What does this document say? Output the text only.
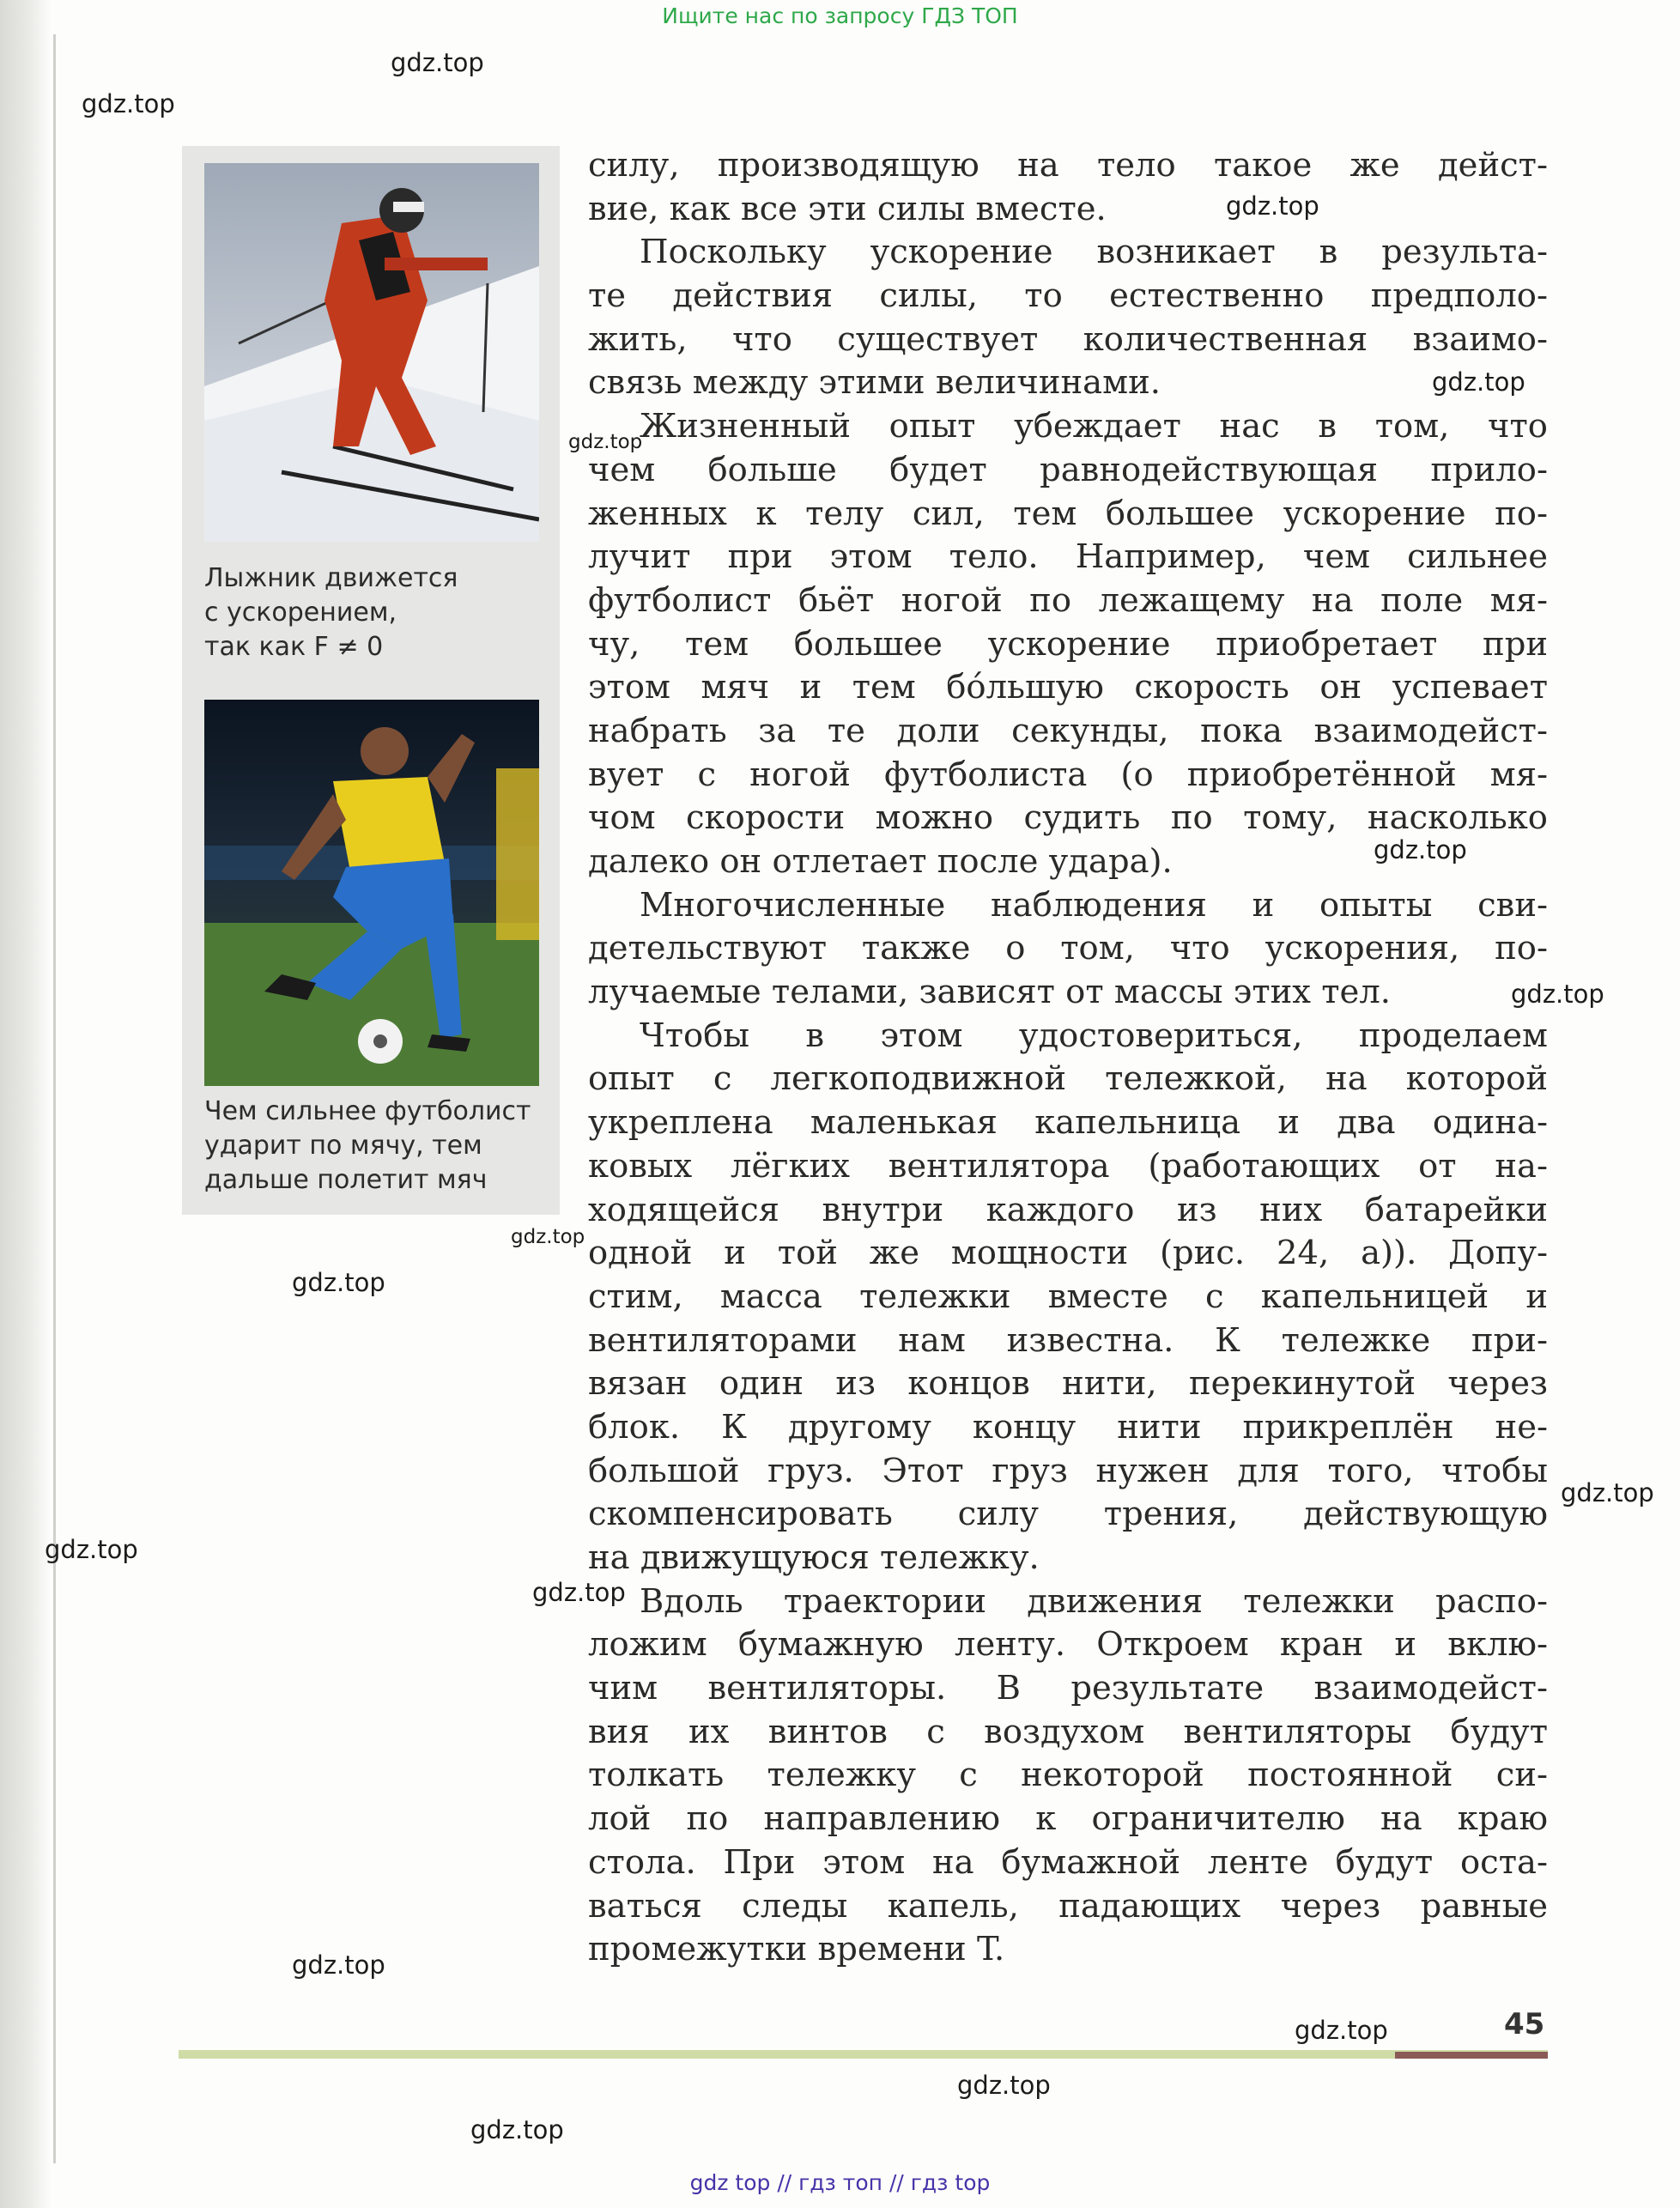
Ищите нас по запросу ГДЗ ТОП
Лыжник движется
с ускорением,
так как F ≠ 0
Чем сильнее футболист
ударит по мячу, тем
дальше полетит мяч
силу, производящую на тело такое же дейст-
вие, как все эти силы вместе.
Поскольку ускорение возникает в результа-
те действия силы, то естественно предполо-
жить, что существует количественная взаимо-
связь между этими величинами.
Жизненный опыт убеждает нас в том, что
чем больше будет равнодействующая прило-
женных к телу сил, тем большее ускорение по-
лучит при этом тело. Например, чем сильнее
футболист бьёт ногой по лежащему на поле мя-
чу, тем большее ускорение приобретает при
этом мяч и тем бóльшую скорость он успевает
набрать за те доли секунды, пока взаимодейст-
вует с ногой футболиста (о приобретённой мя-
чом скорости можно судить по тому, насколько
далеко он отлетает после удара).
Многочисленные наблюдения и опыты сви-
детельствуют также о том, что ускорения, по-
лучаемые телами, зависят от массы этих тел.
Чтобы в этом удостовериться, проделаем
опыт с легкоподвижной тележкой, на которой
укреплена маленькая капельница и два одина-
ковых лёгких вентилятора (работающих от на-
ходящейся внутри каждого из них батарейки
одной и той же мощности (рис. 24, а)). Допу-
стим, масса тележки вместе с капельницей и
вентиляторами нам известна. К тележке при-
вязан один из концов нити, перекинутой через
блок. К другому концу нити прикреплён не-
большой груз. Этот груз нужен для того, чтобы
скомпенсировать силу трения, действующую
на движущуюся тележку.
Вдоль траектории движения тележки распо-
ложим бумажную ленту. Откроем кран и вклю-
чим вентиляторы. В результате взаимодейст-
вия их винтов с воздухом вентиляторы будут
толкать тележку с некоторой постоянной си-
лой по направлению к ограничителю на краю
стола. При этом на бумажной ленте будут оста-
ваться следы капель, падающих через равные
промежутки времени T.
45
gdz.top
gdz.top
gdz.top
gdz.top
gdz.top
gdz.top
gdz.top
gdz.top
gdz.top
gdz.top
gdz.top
gdz.top
gdz.top
gdz.top
gdz.top
gdz.top
gdz top // гдз топ // гдз top
